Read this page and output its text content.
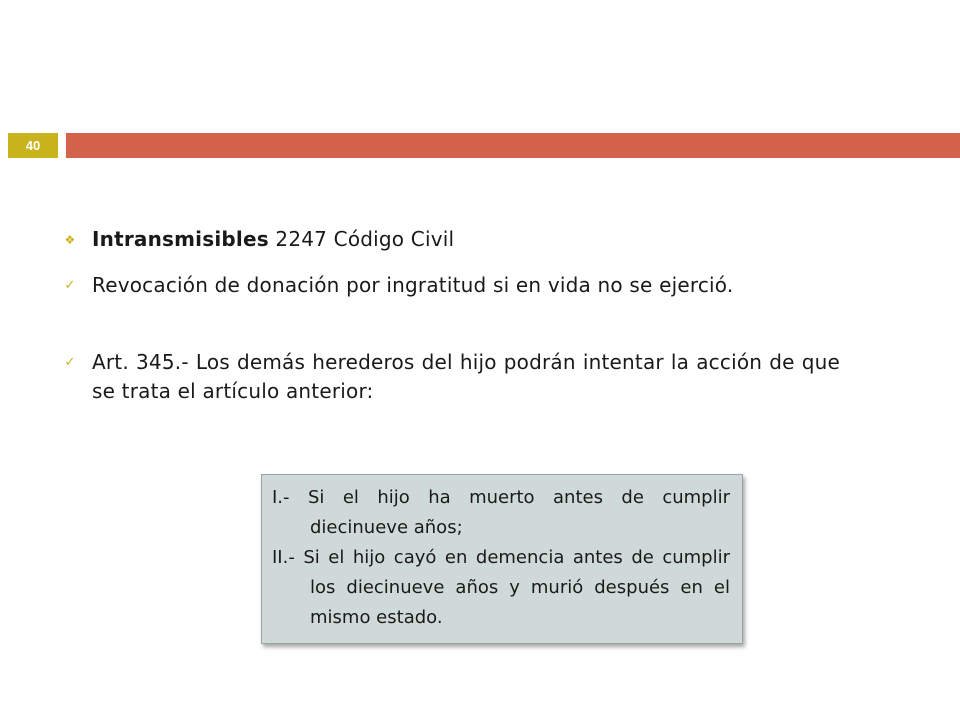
40
❖ Intransmisibles 2247 Código Civil
✓ Revocación de donación por ingratitud si en vida no se ejerció.
✓ Art. 345.- Los demás herederos del hijo podrán intentar la acción de que se trata el artículo anterior:
I.- Si el hijo ha muerto antes de cumplir diecinueve años;
II.- Si el hijo cayó en demencia antes de cumplir los diecinueve años y murió después en el mismo estado.
